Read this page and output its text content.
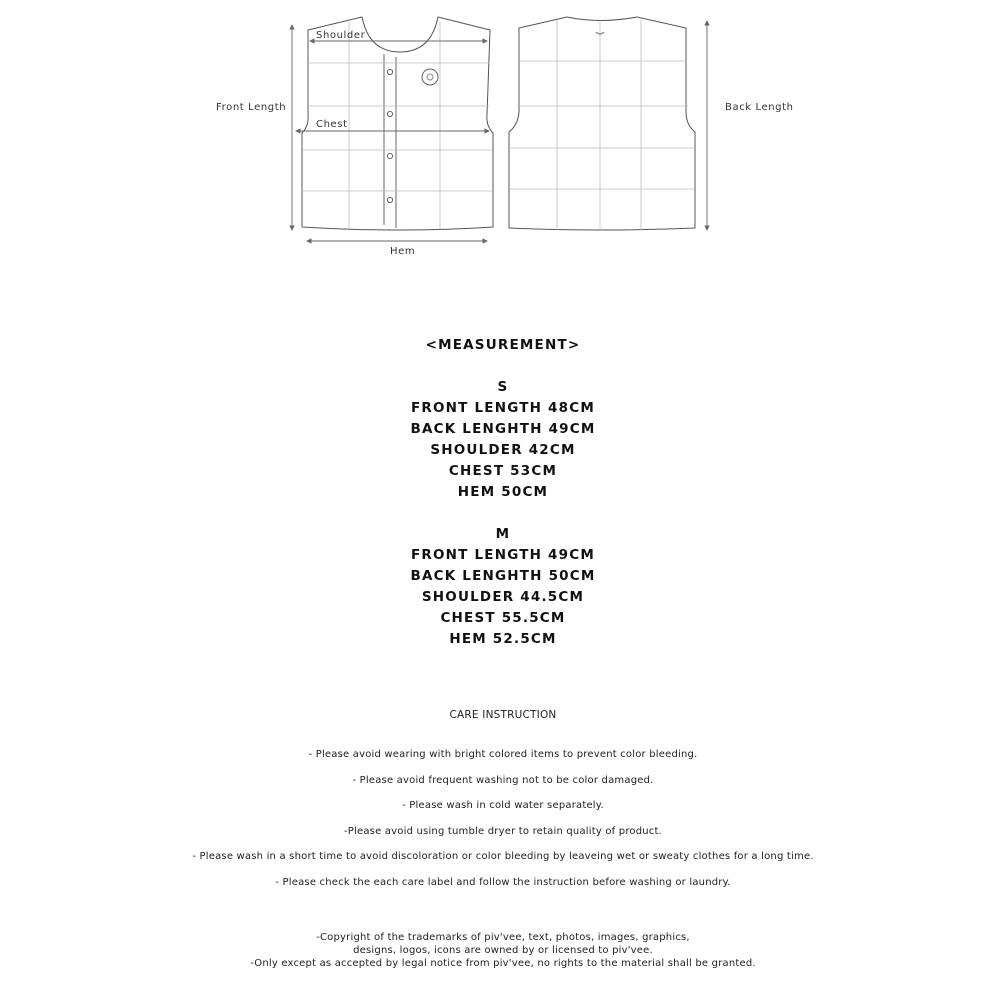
Shoulder
Chest
Hem
Front Length	Back Length
<MEASUREMENT>
S
FRONT LENGTH 48CM
BACK LENGHTH 49CM
SHOULDER 42CM
CHEST 53CM
HEM 50CM
M
FRONT LENGTH 49CM
BACK LENGHTH 50CM
SHOULDER 44.5CM
CHEST 55.5CM
HEM 52.5CM
CARE INSTRUCTION
- Please avoid wearing with bright colored items to prevent color bleeding.
- Please avoid frequent washing not to be color damaged.
- Please wash in cold water separately.
-Please avoid using tumble dryer to retain quality of product.
- Please wash in a short time to avoid discoloration or color bleeding by leaveing wet or sweaty clothes for a long time.
- Please check the each care label and follow the instruction before washing or laundry.
-Copyright of the trademarks of piv'vee, text, photos, images, graphics,
designs, logos, icons are owned by or licensed to piv'vee.
-Only except as accepted by legal notice from piv'vee, no rights to the material shall be granted.
